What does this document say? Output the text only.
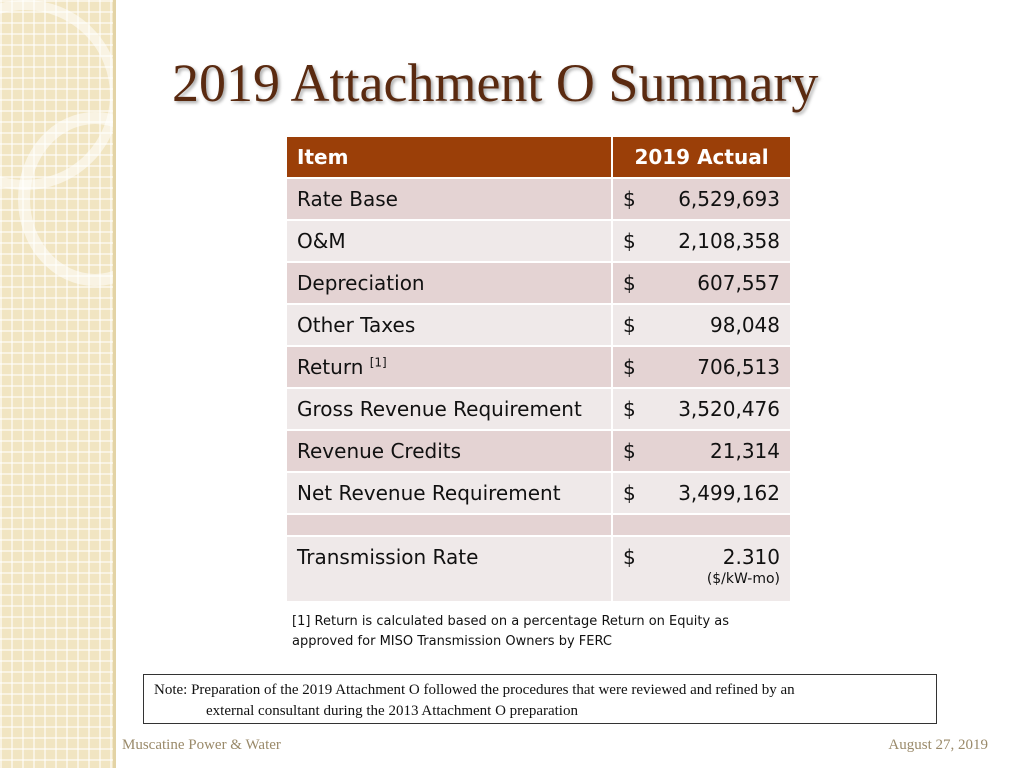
2019 Attachment O Summary
Item	2019 Actual
Rate Base	$ 6,529,693

O&M	$ 2,108,358

Depreciation	$ 607,557

Other Taxes	$ 98,048

Return [1]	$ 706,513

Gross Revenue Requirement	$ 3,520,476

Revenue Credits	$ 21,314

Net Revenue Requirement	$ 3,499,162

Transmission Rate	$ 2.310
($/kW-mo)
[1] Return is calculated based on a percentage Return on Equity as
approved for MISO Transmission Owners by FERC
Note: Preparation of the 2019 Attachment O followed the procedures that were reviewed and refined by an
external consultant during the 2013 Attachment O preparation
Muscatine Power & Water	August 27, 2019
